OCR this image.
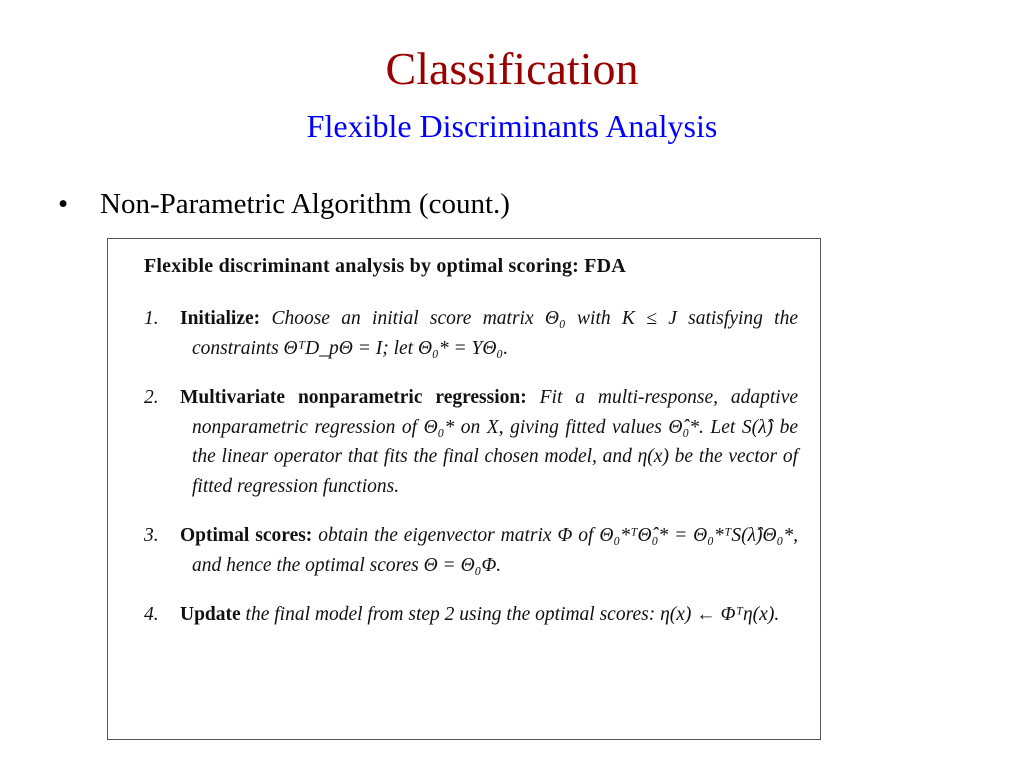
Classification
Flexible Discriminants Analysis
•	Non-Parametric Algorithm (count.)
Flexible discriminant analysis by optimal scoring: FDA
1. Initialize: Choose an initial score matrix Θ₀ with K ≤ J satisfying the constraints ΘᵀD_pΘ = I; let Θ₀* = YΘ₀.
2. Multivariate nonparametric regression: Fit a multi-response, adaptive nonparametric regression of Θ₀* on X, giving fitted values Θ̂₀*. Let S(λ̂) be the linear operator that fits the final chosen model, and η(x) be the vector of fitted regression functions.
3. Optimal scores: obtain the eigenvector matrix Φ of Θ₀*ᵀΘ̂₀* = Θ₀*ᵀS(λ̂)Θ₀*, and hence the optimal scores Θ = Θ₀Φ.
4. Update the final model from step 2 using the optimal scores: η(x) ← Φᵀη(x).
